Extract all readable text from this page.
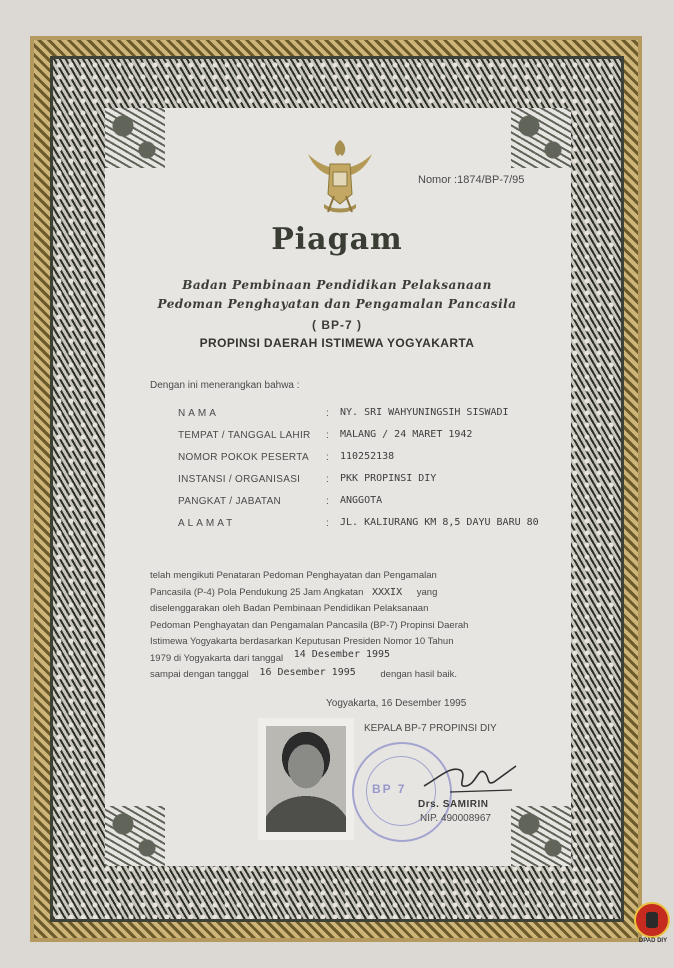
Nomor :1874/BP-7/95
Piagam
Badan Pembinaan Pendidikan Pelaksanaan
Pedoman Penghayatan dan Pengamalan Pancasila
( BP-7 )
PROPINSI DAERAH ISTIMEWA YOGYAKARTA
Dengan ini menerangkan bahwa :
NAMA	: NY. SRI WAHYUNINGSIH SISWADI
TEMPAT / TANGGAL LAHIR : MALANG / 24 MARET 1942
NOMOR POKOK PESERTA : 110252138
INSTANSI / ORGANISASI	: PKK PROPINSI DIY
PANGKAT / JABATAN	: ANGGOTA
ALAMAT	: JL. KALIURANG KM 8,5 DAYU BARU 80
telah mengikuti Penataran Pedoman Penghayatan dan Pengamalan
Pancasila (P-4) Pola Pendukung 25 Jam Angkatan XXXIX yang
diselenggarakan oleh Badan Pembinaan Pendidikan Pelaksanaan
Pedoman Penghayatan dan Pengamalan Pancasila (BP-7) Propinsi Daerah
Istimewa Yogyakarta berdasarkan Keputusan Presiden Nomor 10 Tahun
1979 di Yogyakarta dari tanggal 14 Desember 1995
sampai dengan tanggal 16 Desember 1995	dengan hasil baik.
Yogyakarta, 16 Desember 1995
KEPALA BP-7 PROPINSI DIY
BP 7
Drs. SAMIRIN
NIP. 490008967
DPAD DIY
